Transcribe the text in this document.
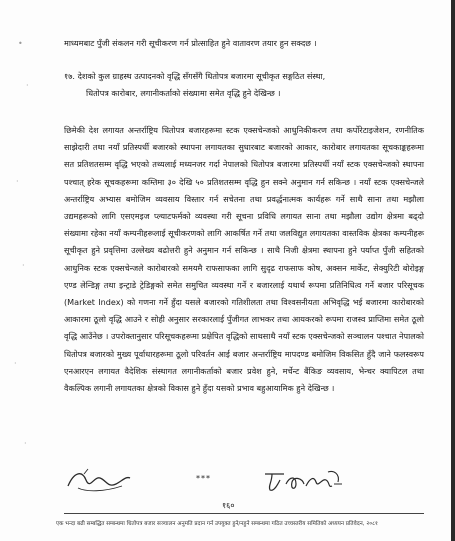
•
·
·
·
·
·
माध्यमबाट पुँजी संकलन गरी सूचीकरण गर्न प्रोत्साहित हुने वातावरण तयार हुन सक्दछ ।
१७. देशको कुल ग्राहस्थ उत्पादनको वृद्धि सँगसँगै धितोपत्र बजारमा सूचीकृत सङ्गठित संस्था,
धितोपत्र कारोबार, लगानीकर्ताको संख्यामा समेत वृद्धि हुने देखिन्छ ।
छिमेकी देश लगायत अन्तर्राष्ट्रिय धितोपत्र बजारहरूमा स्टक एक्सचेन्जको आधुनिकीकरण तथा कर्पोरेटाइजेशन, रणनीतिक साझेदारी तथा नयाँ प्रतिस्पर्धी बजारको स्थापना लगायतका सुधारबाट बजारको आकार, कारोबार लगायतका सूचकाङ्कहरूमा सत प्रतिशतसम्म वृद्धि भएको तथ्यलाई मध्यनजर गर्दा नेपालको धितोपत्र बजारमा प्रतिस्पर्धी नयाँ स्टक एक्सचेन्जको स्थापना पश्चात् हरेक सूचकहरूमा कम्तिमा ३० देखि ५० प्रतिशतसम्म वृद्धि हुन सक्ने अनुमान गर्न सकिन्छ । नयाँ स्टक एक्सचेन्जले अन्तर्राष्ट्रिय अभ्यास बमोजिम व्यवसाय विस्तार गर्न सचेतना तथा प्रवर्द्धनात्मक कार्यहरू गर्ने साथै साना तथा मझौला उद्यमहरूको लागि एसएमइज प्ल्याटफर्मको व्यवस्था गरी सूचना प्रविधि लगायत साना तथा मझौला उद्योग क्षेत्रमा बढ्दो संख्यामा रहेका नयाँ कम्पनीहरूलाई सूचीकरणको लागि आकर्षित गर्ने तथा जलविद्युत लगायतका वास्तविक क्षेत्रका कम्पनीहरू सूचीकृत हुने प्रवृत्तिमा उल्लेख्य बढोत्तरी हुने अनुमान गर्न सकिन्छ । साथै निजी क्षेत्रमा स्थापना हुने पर्याप्त पुँजी सहितको आधुनिक स्टक एक्सचेन्जले कारोबारको समयमै राफसाफका लागि सुदृढ राफसाफ कोष, अक्सन मार्केट, सेक्युरिटी बोरोइङ्ग एण्ड लेन्डिङ्ग तथा इन्ट्राडे ट्रेडिङ्गको समेत समुचित व्यवस्था गर्ने र बजारलाई यथार्थ रूपमा प्रतिनिधित्व गर्ने बजार परिसूचक (Market Index) को गणना गर्ने हुँदा यसले बजारको गतिशीलता तथा विश्वसनीयता अभिवृद्धि भई बजारमा कारोबारको आकारमा ठूलो वृद्धि आउने र सोही अनुसार सरकारलाई पुँजीगत लाभकर तथा आयकरको रूपमा राजस्व प्राप्तिमा समेत ठूलो वृद्धि आउँनेछ । उपरोक्तानुसार परिसूचकहरूमा प्रक्षेपित वृद्धिको साथसाथै नयाँ स्टक एक्सचेन्जको सञ्चालन पश्चात नेपालको धितोपत्र बजारको मुख्य पूर्वाधारहरूमा ठूलो परिवर्तन आई बजार अन्तर्राष्ट्रिय मापदण्ड बमोजिम विकसित हुँदै जाने फलस्वरूप एनआरएन लगायत वैदेशिक संस्थागत लगानीकर्ताको बजार प्रवेश हुने, मर्चेन्ट बैंकिङ व्यवसाय, भेन्चर क्यापिटल तथा वैकल्पिक लगानी लगायतका क्षेत्रको विकास हुने हुँदा यसको प्रभाव बहुआयामिक हुने देखिन्छ ।
***
१६०
एक भन्दा बढी सम्बद्धित सम्बन्धमा धितोपत्र बजार सञ्चालन अनुमति प्रदान गर्न उपयुक्त हुने/नहुने सम्बन्धमा गठित उच्चस्तरीय समितिको अध्ययन प्रतिवेदन, २०८१
